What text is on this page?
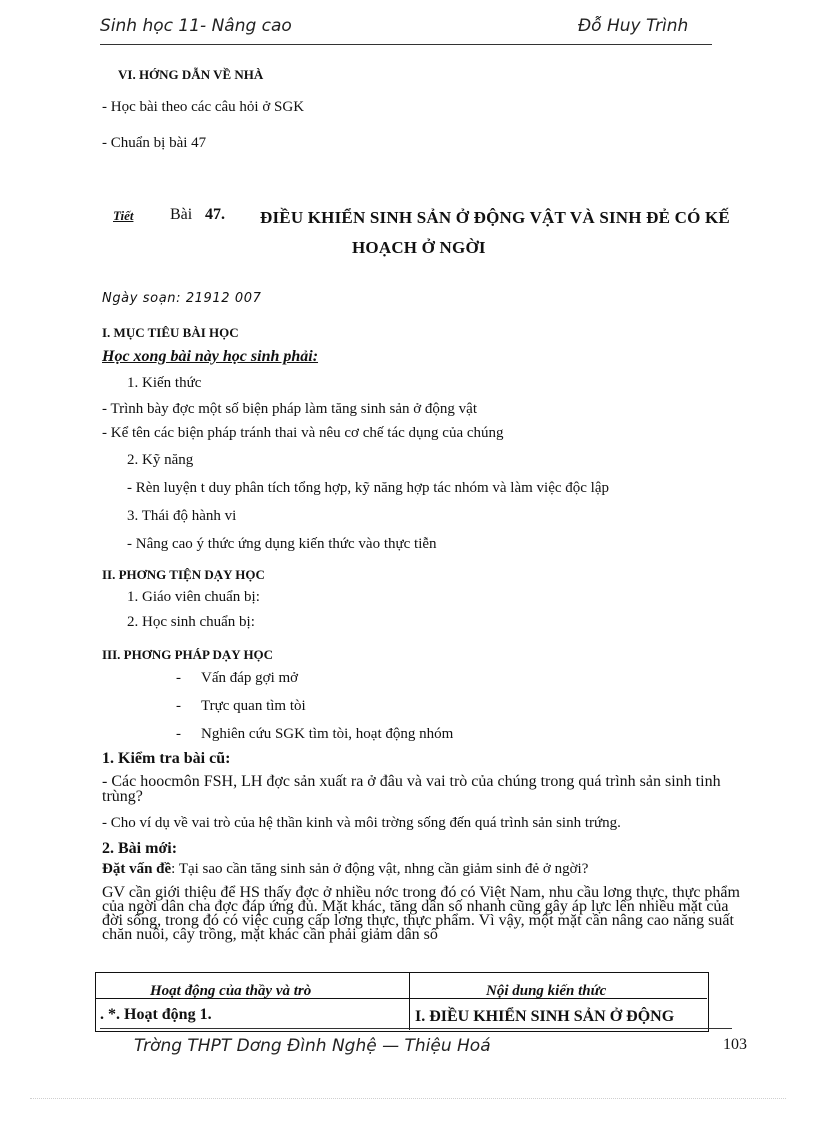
Sinh học 11- Nâng cao	Đỗ Huy Trình
VI. HỚNG DẪN VỀ NHÀ
- Học bài theo các câu hỏi ở SGK
- Chuẩn bị bài 47
Tiết Bài 47. ĐIỀU KHIỂN SINH SẢN Ở ĐỘNG VẬT VÀ SINH ĐẺ CÓ KẾ
HOẠCH Ở NGỜI
Ngày soạn: 21912 007
I. MỤC TIÊU BÀI HỌC
Học xong bài này học sinh phải:
1. Kiến thức
- Trình bày đợc một số biện pháp làm tăng sinh sản ở động vật
- Kể tên các biện pháp tránh thai và nêu cơ chế tác dụng của chúng
2. Kỹ năng
- Rèn luyện t duy phân tích tổng hợp, kỹ năng hợp tác nhóm và làm việc độc lập
3. Thái độ hành vi
- Nâng cao ý thức ứng dụng kiến thức vào thực tiễn
II. PHƠNG TIỆN DẠY HỌC
1. Giáo viên chuẩn bị:
2. Học sinh chuẩn bị:
III. PHƠNG PHÁP DẠY HỌC
- Vấn đáp gợi mở
- Trực quan tìm tòi
- Nghiên cứu SGK tìm tòi, hoạt động nhóm
1. Kiểm tra bài cũ:
- Các hoocmôn FSH, LH đợc sản xuất ra ở đâu và vai trò của chúng trong quá trình sản sinh tinh trùng?
- Cho ví dụ về vai trò của hệ thần kinh và môi trờng sống đến quá trình sản sinh trứng.
2. Bài mới:
Đặt vấn đề: Tại sao cần tăng sinh sản ở động vật, nhng cần giảm sinh đẻ ở ngời?
GV cần giới thiệu để HS thấy đợc ở nhiều nớc trong đó có Việt Nam, nhu cầu lơng thực, thực phẩm của ngời dân cha đợc đáp ứng đủ. Mặt khác, tăng dân số nhanh cũng gây áp lực lên nhiều mặt của đời sống, trong đó có việc cung cấp lơng thực, thực phẩm. Vì vậy, một mặt cần nâng cao năng suất chăn nuôi, cây trồng, mặt khác cần phải giảm dân số
Hoạt động của thầy và trò	Nội dung kiến thức
. *. Hoạt động 1.	I. ĐIỀU KHIỂN SINH SẢN Ở ĐỘNG
Trờng THPT Dơng Đình Nghệ — Thiệu Hoá	103
